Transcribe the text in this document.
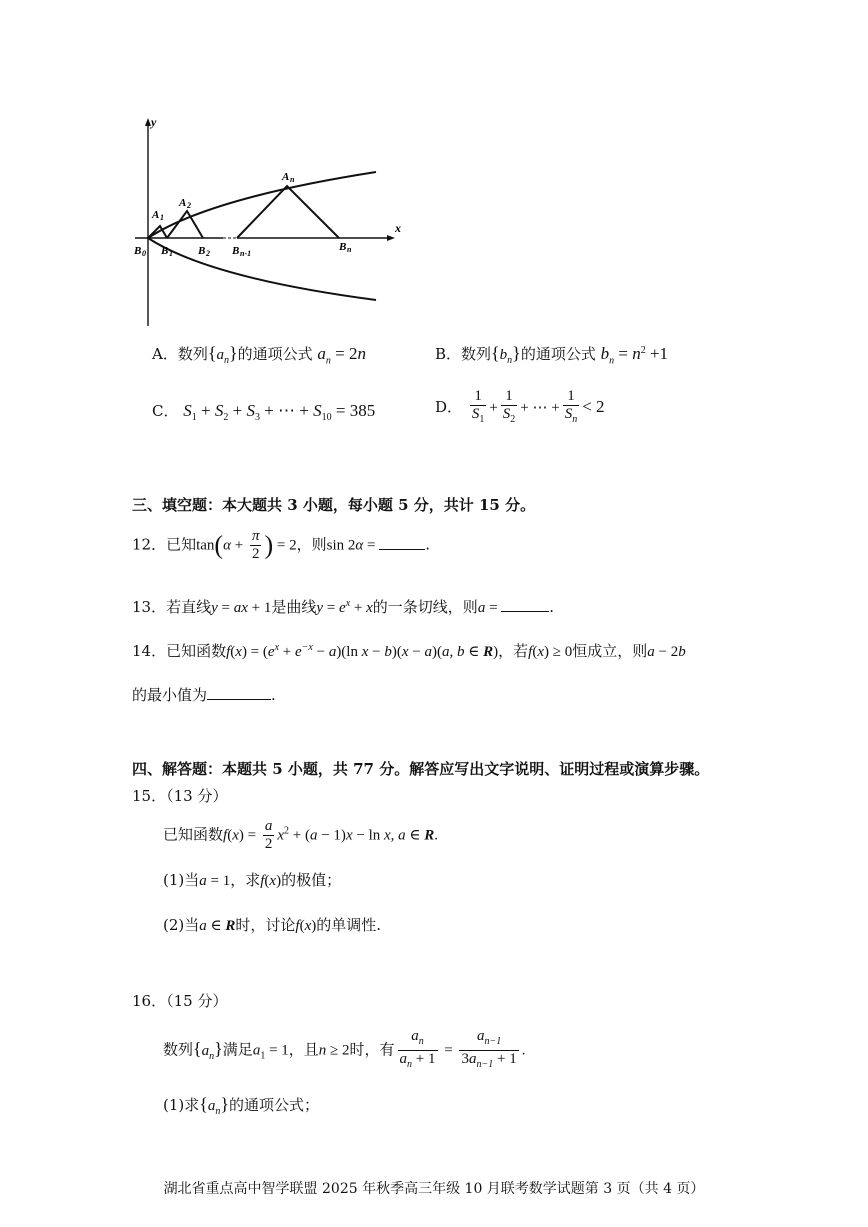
y
x
A 1
A 2
A n
B 0 B 1 B 2 B n-1
B n
A．数列$\{a_n\}$的通项公式 $a_n = 2n$	B．数列$\{b_n\}$的通项公式 $b_n = n^2 +1$
C． $S_1 + S_2 + S_3$ + ⋯ + $S_{10} = 385$	D． $\frac{1}{S_1} + \frac{1}{S_2}$ + ⋯ + $\frac{1}{S_n} < 2$
三、填空题：本大题共 3 小题，每小题 5 分，共计 15 分。
12．已知$\tan(\alpha + \frac{\pi}{2}$ ) = 2，则sin 2α =	.
13．若直线y = ax + 1是曲线$y = e^x + x$的一条切线，则a =	.
14．已知函数$f(x) = (e^x + e^{-x} - a)(\ln$ x − b)(x − a)(a, b ∈ R)，若f(x) ≥ 0恒成立，则a − 2b
的最小值为	.
四、解答题：本题共 5 小题，共 77 分。解答应写出文字说明、证明过程或演算步骤。
15．（13 分）
已知函数$f(x) = \frac{a}{2} x^2 + (a - 1)x - \ln x$, a ∈ R.
(1)当a = 1，求f(x)的极值；
(2)当a ∈ R时，讨论f(x)的单调性.
16．（15 分）
数列$\{a_n\}$满足$a_1 = 1$，且n ≥ 2时，有 $\frac{a_n}{a_n + 1} = \frac{a_{n-1}}{3a_{n-1} + 1}$ .
(1)求$\{a_n\}$的通项公式；
湖北省重点高中智学联盟 2025 年秋季高三年级 10 月联考数学试题第 3 页（共 4 页）
